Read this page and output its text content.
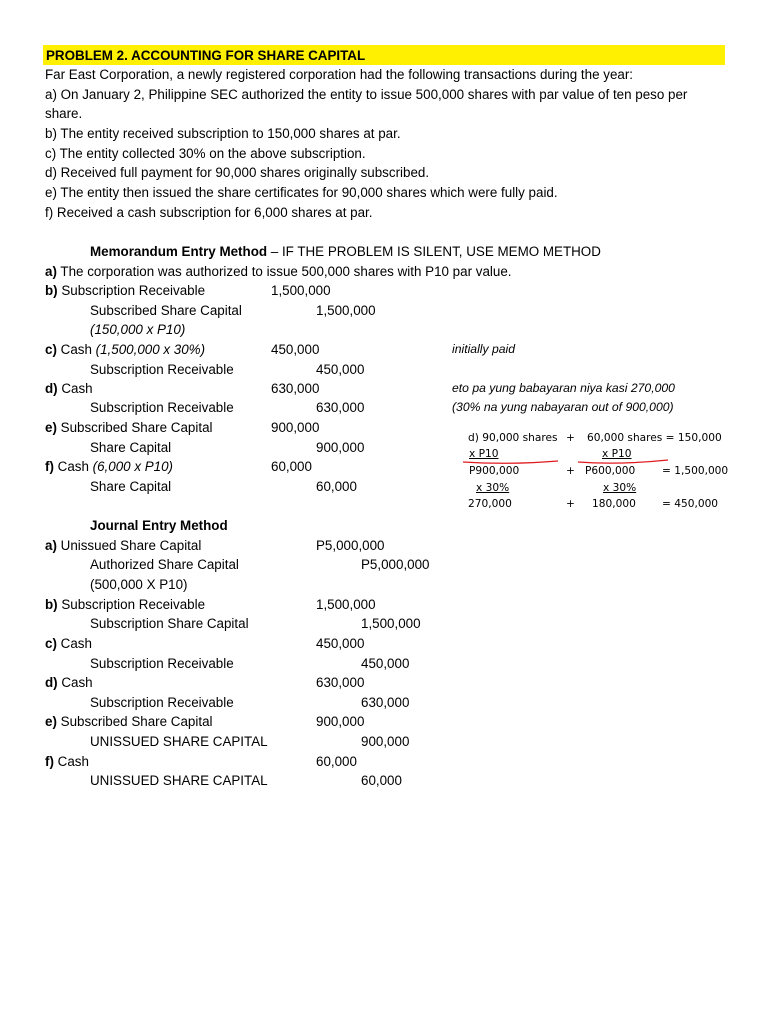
PROBLEM 2. ACCOUNTING FOR SHARE CAPITAL
Far East Corporation, a newly registered corporation had the following transactions during the year:
a) On January 2, Philippine SEC authorized the entity to issue 500,000 shares with par value of ten peso per
share.
b) The entity received subscription to 150,000 shares at par.
c) The entity collected 30% on the above subscription.
d) Received full payment for 90,000 shares originally subscribed.
e) The entity then issued the share certificates for 90,000 shares which were fully paid.
f) Received a cash subscription for 6,000 shares at par.
Memorandum Entry Method – IF THE PROBLEM IS SILENT, USE MEMO METHOD
a) The corporation was authorized to issue 500,000 shares with P10 par value.
b) Subscription Receivable	1,500,000
Subscribed Share Capital	1,500,000
(150,000 x P10)
c) Cash (1,500,000 x 30%)	450,000	initially paid
Subscription Receivable	450,000
d) Cash	630,000	eto pa yung babayaran niya kasi 270,000
Subscription Receivable	630,000	(30% na yung nabayaran out of 900,000)
e) Subscribed Share Capital	900,000
Share Capital	900,000
f) Cash (6,000 x P10)	60,000
Share Capital	60,000
d) 90,000 shares + 60,000 shares = 150,000
x P10	x P10
P900,000	+ P600,000	= 1,500,000
x 30%	x 30%
270,000	+ 180,000 = 450,000
Journal Entry Method
a) Unissued Share Capital	P5,000,000
Authorized Share Capital	P5,000,000
(500,000 X P10)
b) Subscription Receivable	1,500,000
Subscription Share Capital	1,500,000
c) Cash	450,000
Subscription Receivable	450,000
d) Cash	630,000
Subscription Receivable	630,000
e) Subscribed Share Capital	900,000
UNISSUED SHARE CAPITAL	900,000
f) Cash	60,000
UNISSUED SHARE CAPITAL	60,000
